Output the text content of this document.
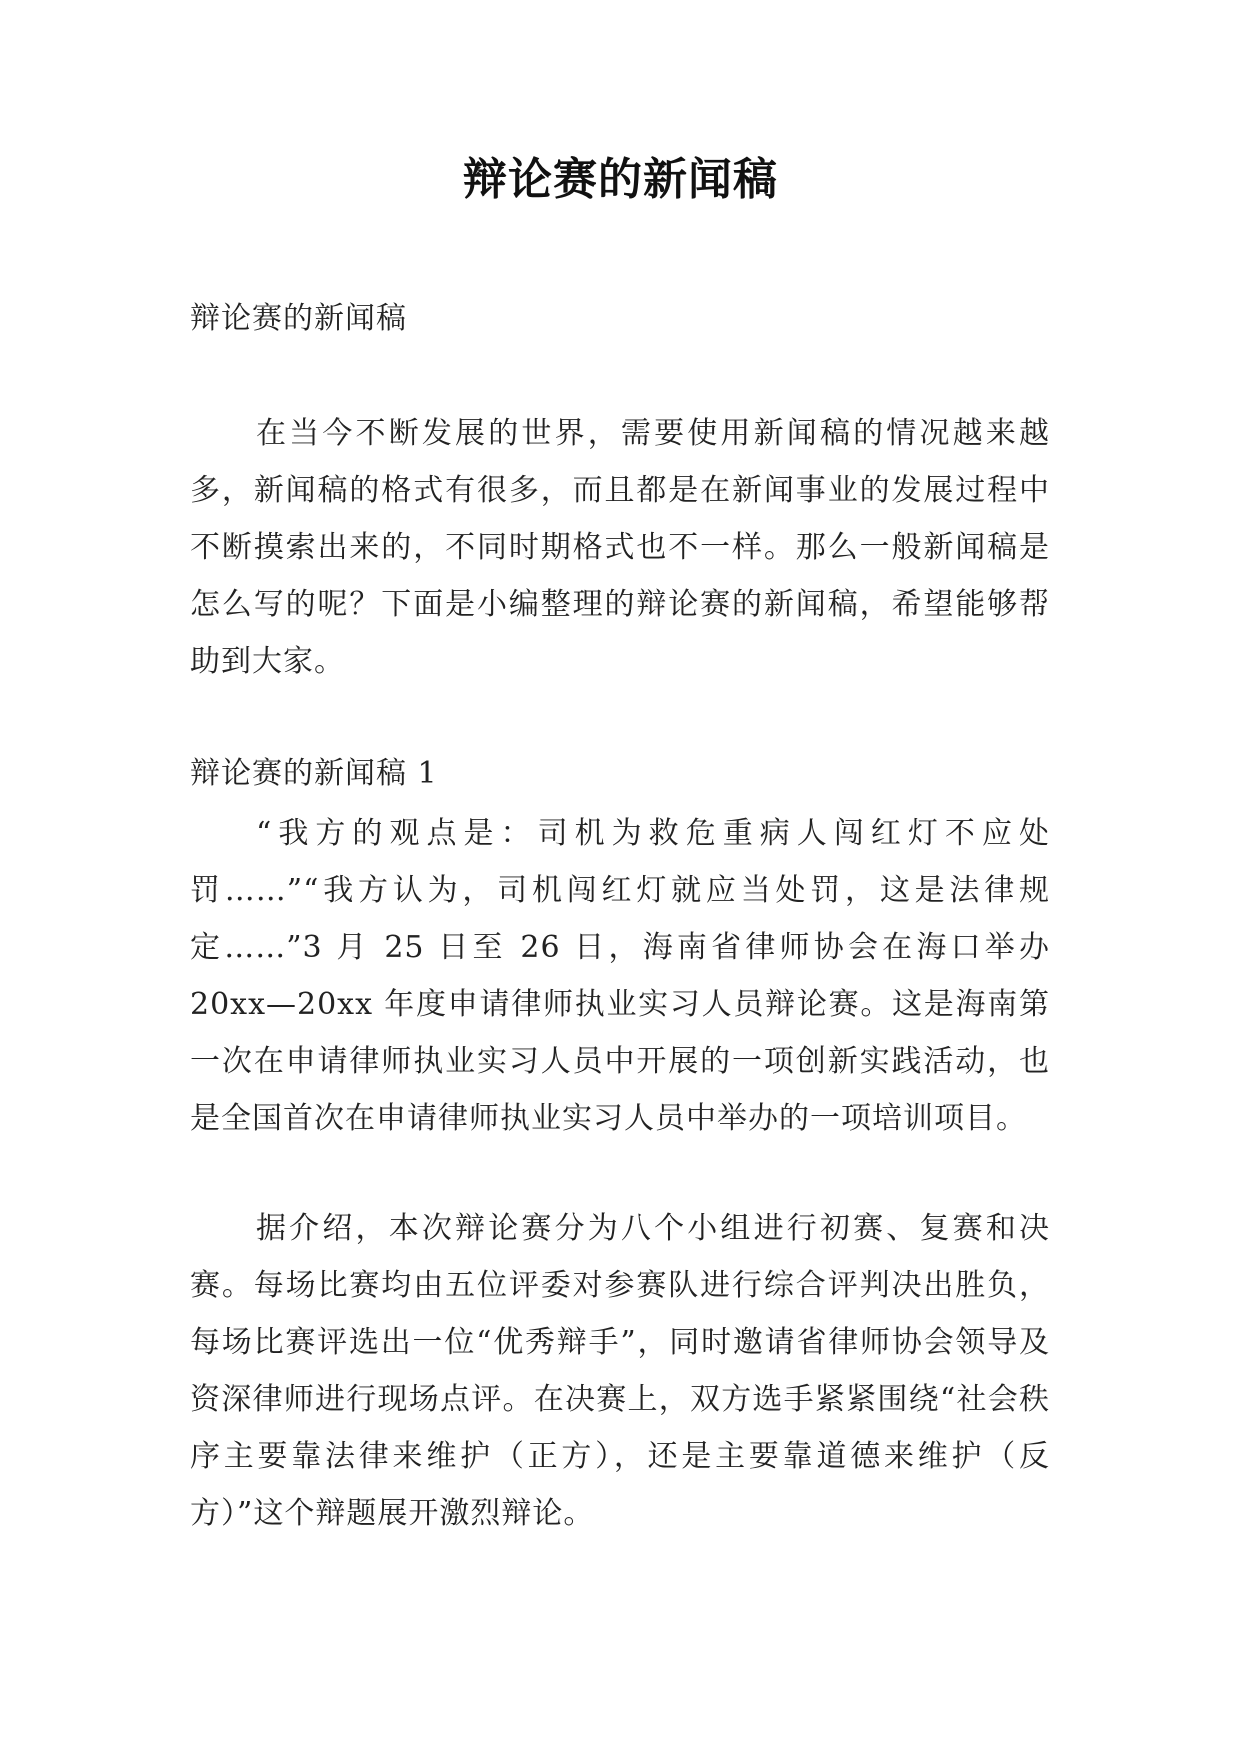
辩论赛的新闻稿

辩论赛的新闻稿

在当今不断发展的世界，需要使用新闻稿的情况越来越多，新闻稿的格式有很多，而且都是在新闻事业的发展过程中不断摸索出来的，不同时期格式也不一样。那么一般新闻稿是怎么写的呢？下面是小编整理的辩论赛的新闻稿，希望能够帮助到大家。

辩论赛的新闻稿 1

“我方的观点是：司机为救危重病人闯红灯不应处罚……”“我方认为，司机闯红灯就应当处罚，这是法律规定……”3 月 25 日至 26 日，海南省律师协会在海口举办 20xx—20xx 年度申请律师执业实习人员辩论赛。这是海南第一次在申请律师执业实习人员中开展的一项创新实践活动，也是全国首次在申请律师执业实习人员中举办的一项培训项目。

据介绍，本次辩论赛分为八个小组进行初赛、复赛和决赛。每场比赛均由五位评委对参赛队进行综合评判决出胜负，每场比赛评选出一位“优秀辩手”，同时邀请省律师协会领导及资深律师进行现场点评。在决赛上，双方选手紧紧围绕“社会秩序主要靠法律来维护（正方），还是主要靠道德来维护（反方）”这个辩题展开激烈辩论。
